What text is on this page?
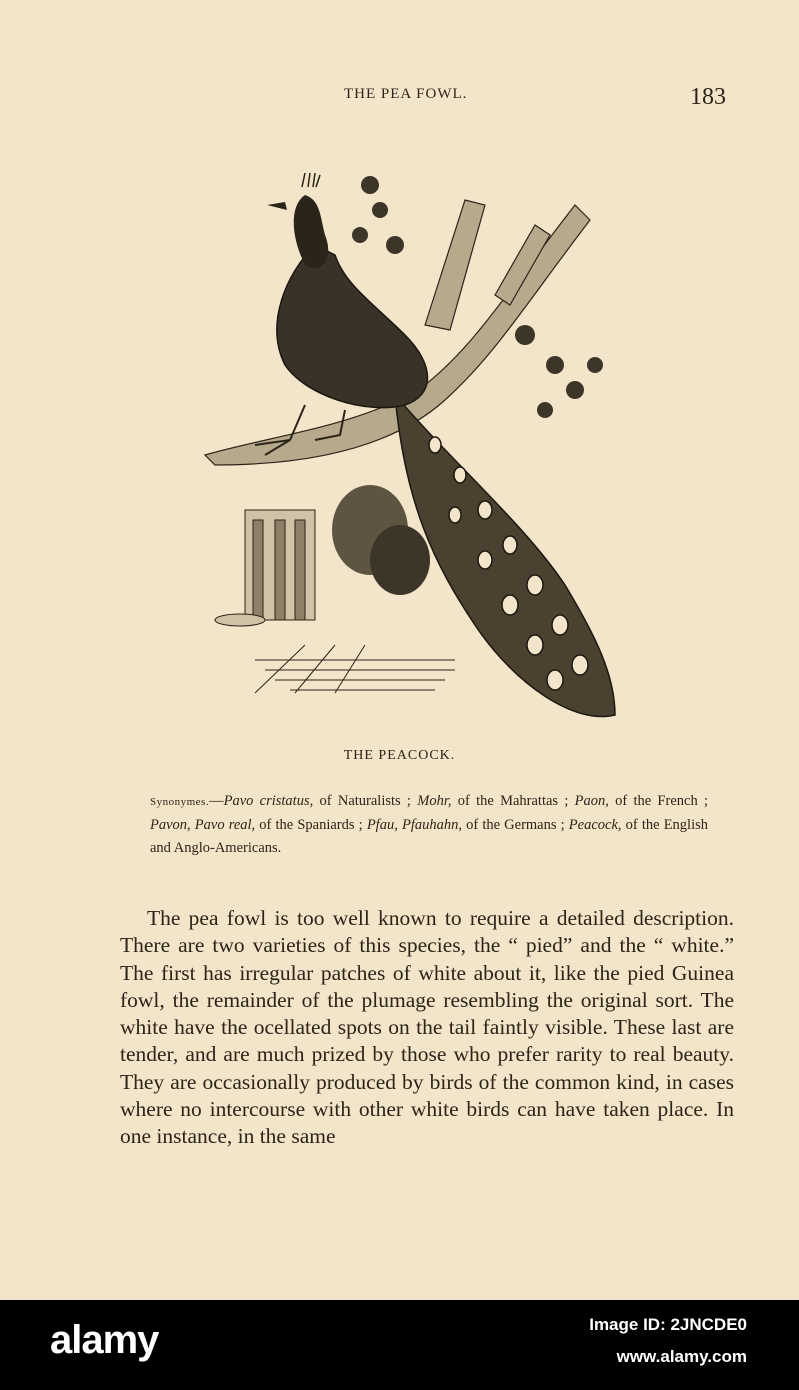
THE PEA FOWL.	183
THE PEACOCK.
Synonymes.—Pavo cristatus, of Naturalists ; Mohr, of the Mahrattas ; Paon, of the French ; Pavon, Pavo real, of the Spaniards ; Pfau, Pfauhahn, of the Germans ; Peacock, of the English and Anglo-Americans.

The pea fowl is too well known to require a detailed description. There are two varieties of this species, the “ pied” and the “ white.” The first has irregular patches of white about it, like the pied Guinea fowl, the remainder of the plumage resembling the original sort. The white have the ocellated spots on the tail faintly visible. These last are tender, and are much prized by those who prefer rarity to real beauty. They are occasionally produced by birds of the common kind, in cases where no intercourse with other white birds can have taken place. In one instance, in the same

alamy	Image ID: 2JNCDE0
www.alamy.com
